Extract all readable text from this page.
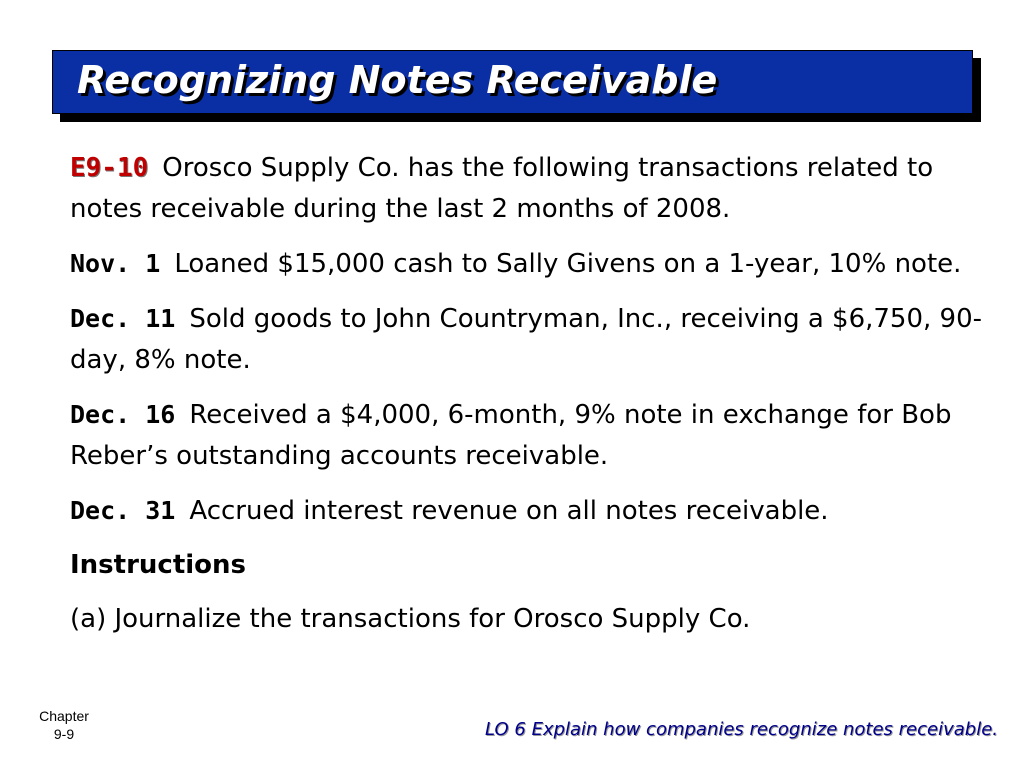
Recognizing Notes Receivable

E9-10 Orosco Supply Co. has the following transactions related to notes receivable during the last 2 months of 2008.

Nov. 1 Loaned $15,000 cash to Sally Givens on a 1-year, 10% note.

Dec. 11 Sold goods to John Countryman, Inc., receiving a $6,750, 90-day, 8% note.

Dec. 16 Received a $4,000, 6-month, 9% note in exchange for Bob Reber’s outstanding accounts receivable.

Dec. 31 Accrued interest revenue on all notes receivable.

Instructions

(a) Journalize the transactions for Orosco Supply Co.

Chapter
9-9	LO 6 Explain how companies recognize notes receivable.
